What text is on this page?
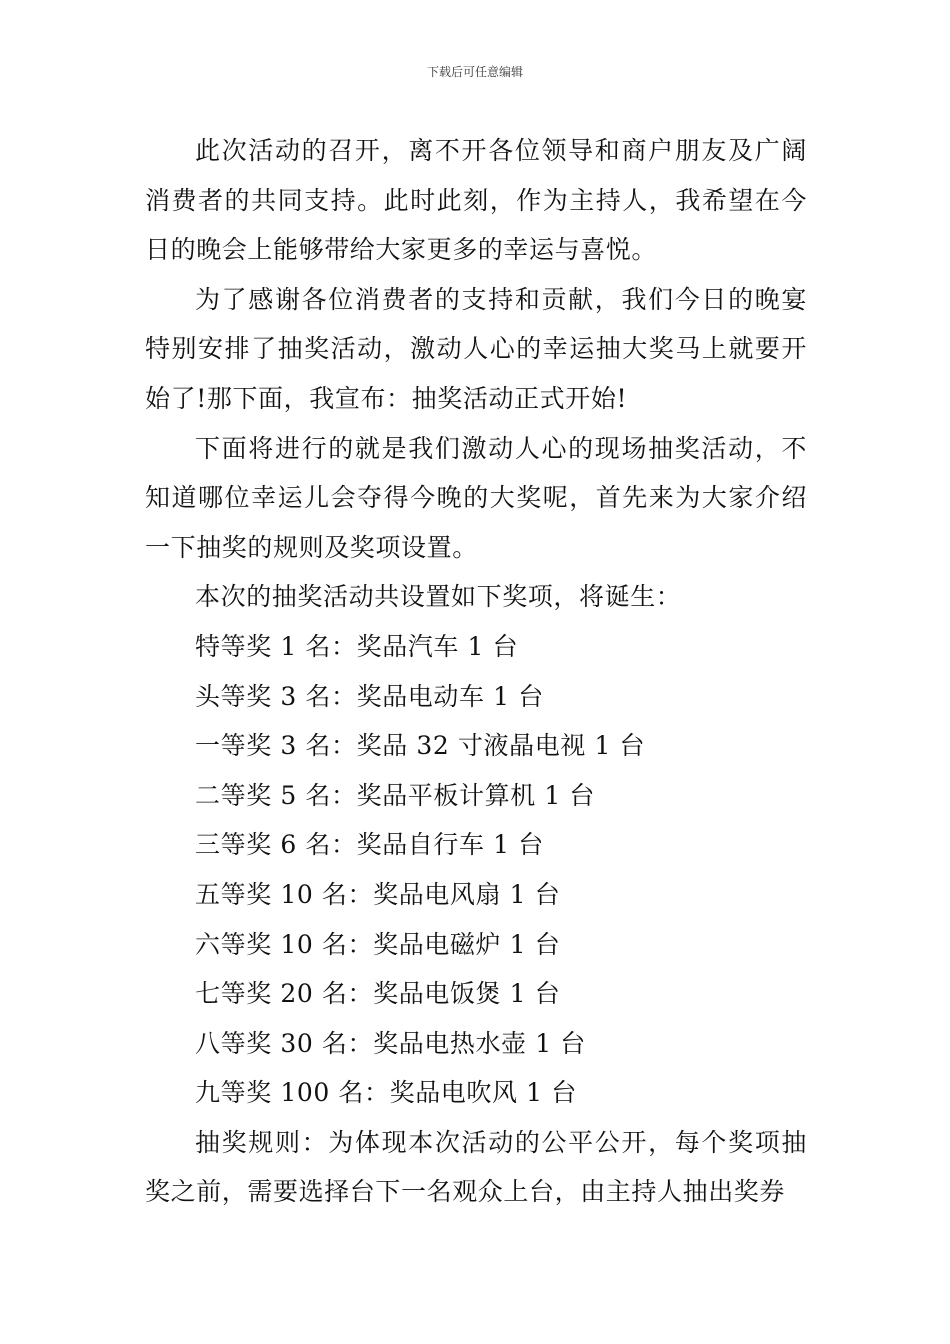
下载后可任意编辑

此次活动的召开，离不开各位领导和商户朋友及广阔消费者的共同支持。此时此刻，作为主持人，我希望在今日的晚会上能够带给大家更多的幸运与喜悦。

为了感谢各位消费者的支持和贡献，我们今日的晚宴特别安排了抽奖活动，激动人心的幸运抽大奖马上就要开始了!那下面，我宣布：抽奖活动正式开始!

下面将进行的就是我们激动人心的现场抽奖活动，不知道哪位幸运儿会夺得今晚的大奖呢，首先来为大家介绍一下抽奖的规则及奖项设置。

本次的抽奖活动共设置如下奖项，将诞生：

特等奖 1 名：奖品汽车 1 台

头等奖 3 名：奖品电动车 1 台

一等奖 3 名：奖品 32 寸液晶电视 1 台

二等奖 5 名：奖品平板计算机 1 台

三等奖 6 名：奖品自行车 1 台

五等奖 10 名：奖品电风扇 1 台

六等奖 10 名：奖品电磁炉 1 台

七等奖 20 名：奖品电饭煲 1 台

八等奖 30 名：奖品电热水壶 1 台

九等奖 100 名：奖品电吹风 1 台

抽奖规则：为体现本次活动的公平公开，每个奖项抽奖之前，需要选择台下一名观众上台，由主持人抽出奖券
